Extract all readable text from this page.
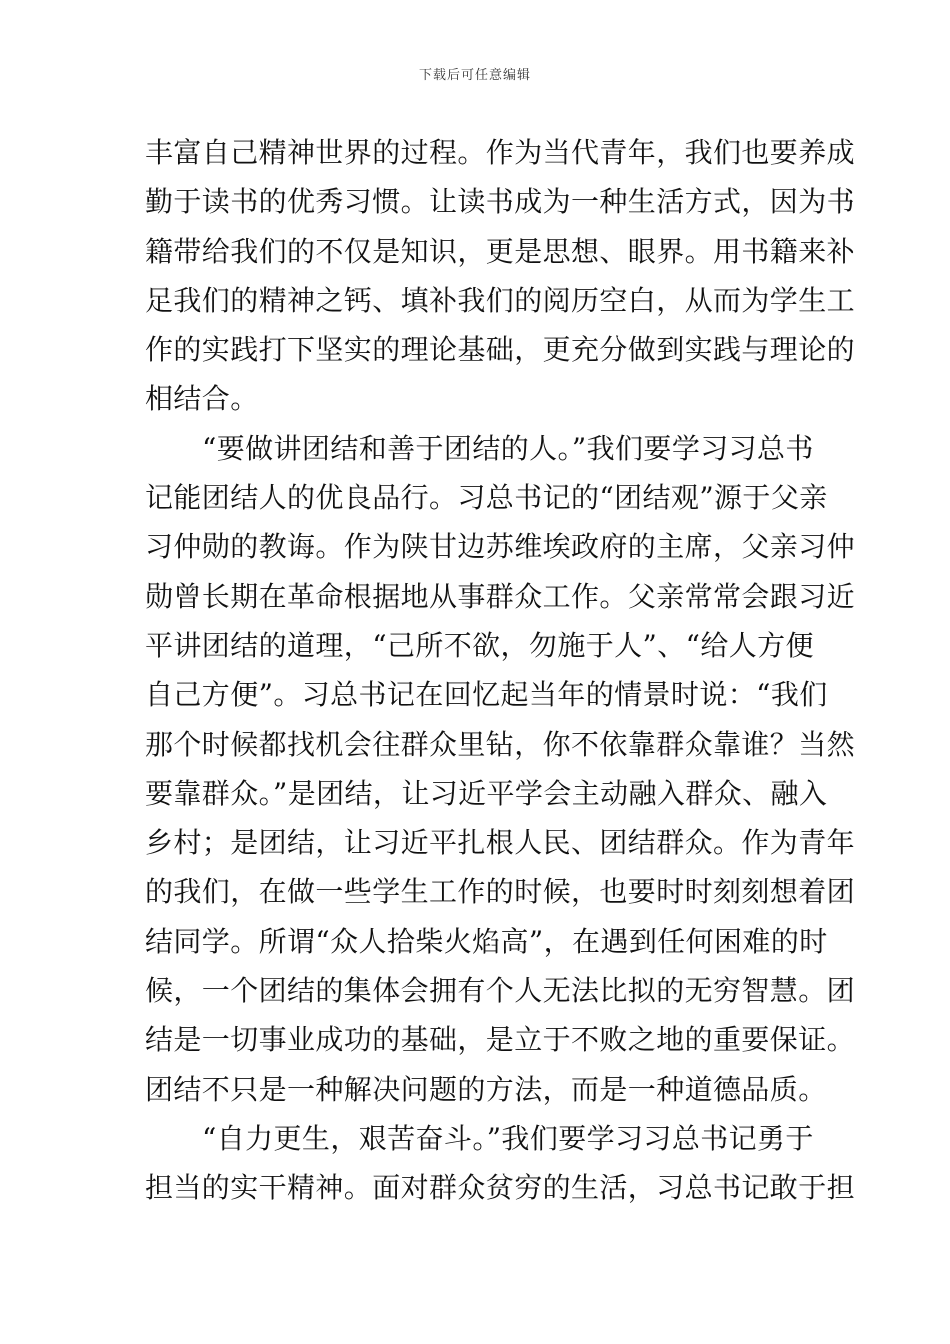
下载后可任意编辑
丰富自己精神世界的过程。作为当代青年，我们也要养成
勤于读书的优秀习惯。让读书成为一种生活方式，因为书
籍带给我们的不仅是知识，更是思想、眼界。用书籍来补
足我们的精神之钙、填补我们的阅历空白，从而为学生工
作的实践打下坚实的理论基础，更充分做到实践与理论的
相结合。
“要做讲团结和善于团结的人。”我们要学习习总书
记能团结人的优良品行。习总书记的“团结观”源于父亲
习仲勋的教诲。作为陕甘边苏维埃政府的主席，父亲习仲
勋曾长期在革命根据地从事群众工作。父亲常常会跟习近
平讲团结的道理，“己所不欲，勿施于人”、“给人方便
自己方便”。习总书记在回忆起当年的情景时说：“我们
那个时候都找机会往群众里钻，你不依靠群众靠谁？当然
要靠群众。”是团结，让习近平学会主动融入群众、融入
乡村；是团结，让习近平扎根人民、团结群众。作为青年
的我们，在做一些学生工作的时候，也要时时刻刻想着团
结同学。所谓“众人拾柴火焰高”，在遇到任何困难的时
候，一个团结的集体会拥有个人无法比拟的无穷智慧。团
结是一切事业成功的基础，是立于不败之地的重要保证。
团结不只是一种解决问题的方法，而是一种道德品质。
“自力更生，艰苦奋斗。”我们要学习习总书记勇于
担当的实干精神。面对群众贫穷的生活，习总书记敢于担
